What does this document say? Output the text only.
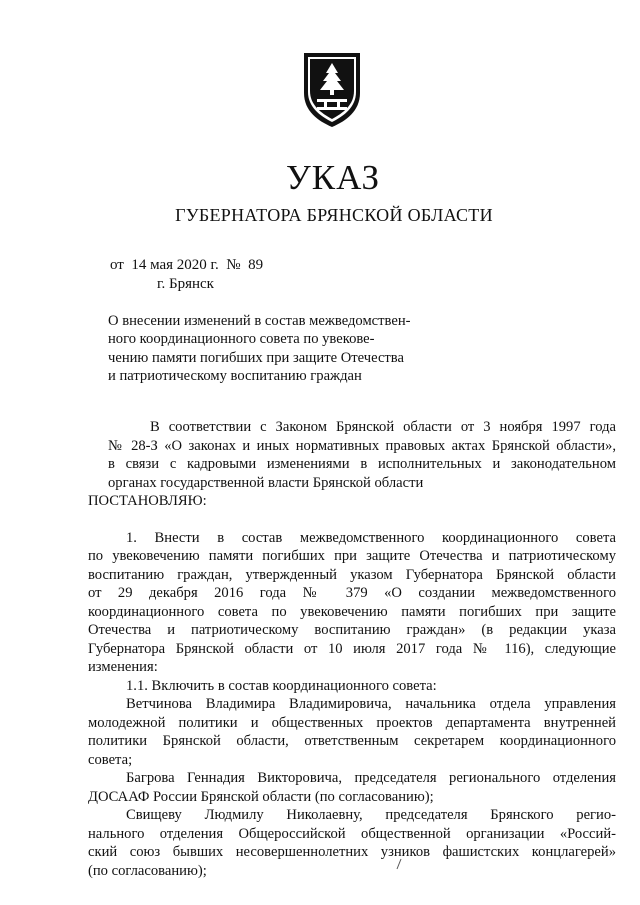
УКАЗ
ГУБЕРНАТОРА БРЯНСКОЙ ОБЛАСТИ
от  14 мая 2020 г.  №  89
г. Брянск
О внесении изменений в состав межведомствен-
ного координационного совета по увекове-
чению памяти погибших при защите Отечества
и патриотическому воспитанию граждан
В соответствии с Законом Брянской области от 3 ноября 1997 года
№ 28-З «О законах и иных нормативных правовых актах Брянской области»,
в связи с кадровыми изменениями в исполнительных и законодательном
органах государственной власти Брянской области
ПОСТАНОВЛЯЮ:
1. Внести в состав межведомственного координационного совета
по увековечению памяти погибших при защите Отечества и патриотическому
воспитанию граждан, утвержденный указом Губернатора Брянской области
от 29 декабря 2016 года № 379 «О создании межведомственного
координационного совета по увековечению памяти погибших при защите
Отечества и патриотическому воспитанию граждан» (в редакции указа
Губернатора Брянской области от 10 июля 2017 года № 116), следующие
изменения:
1.1. Включить в состав координационного совета:
Ветчинова Владимира Владимировича, начальника отдела управления
молодежной политики и общественных проектов департамента внутренней
политики Брянской области, ответственным секретарем координационного
совета;
Багрова Геннадия Викторовича, председателя регионального отделения
ДОСААФ России Брянской области (по согласованию);
Свищеву Людмилу Николаевну, председателя Брянского регио-
нального отделения Общероссийской общественной организации «Россий-
ский союз бывших несовершеннолетних узников фашистских концлагерей»
(по согласованию);
